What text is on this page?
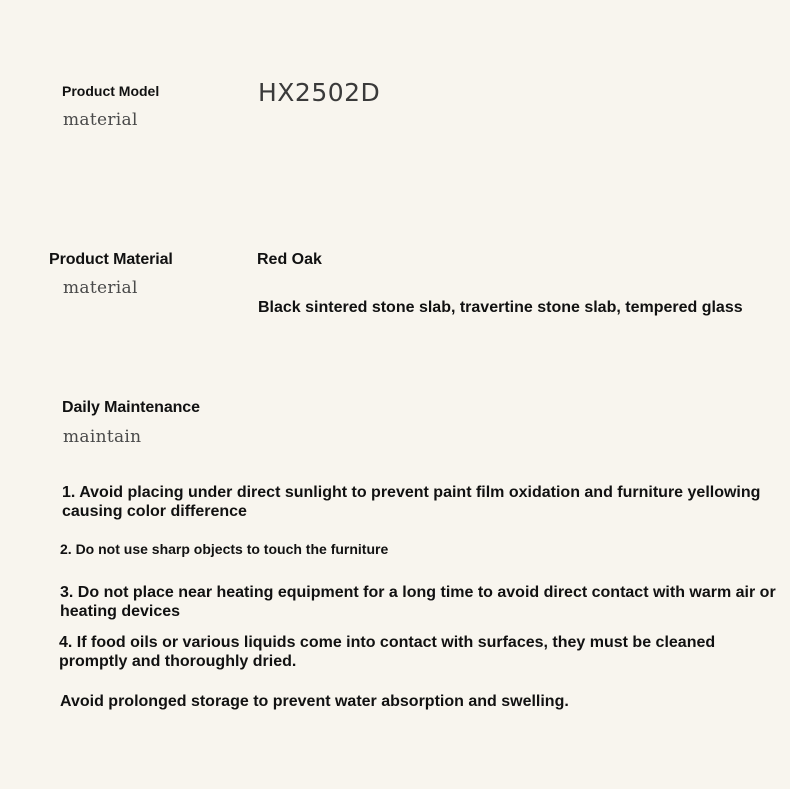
Product Model
material
HX2502D
Product Material
material
Red Oak
Black sintered stone slab, travertine stone slab, tempered glass
Daily Maintenance
maintain
1. Avoid placing under direct sunlight to prevent paint film oxidation and furniture yellowing causing color difference
2. Do not use sharp objects to touch the furniture
3. Do not place near heating equipment for a long time to avoid direct contact with warm air or heating devices
4. If food oils or various liquids come into contact with surfaces, they must be cleaned promptly and thoroughly dried.
Avoid prolonged storage to prevent water absorption and swelling.
